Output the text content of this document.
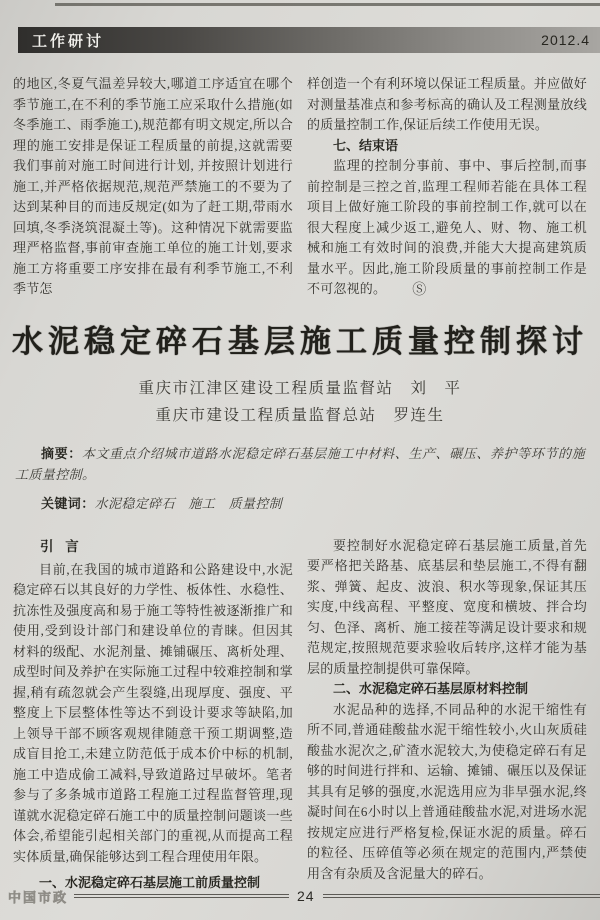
工作研讨	2012.4

的地区,冬夏气温差异较大,哪道工序适宜在哪个季节施工,在不利的季节施工应采取什么措施(如冬季施工、雨季施工),规范都有明文规定,所以合理的施工安排是保证工程质量的前提,这就需要我们事前对施工时间进行计划, 并按照计划进行施工,并严格依据规范,规范严禁施工的不要为了达到某种目的而违反规定(如为了赶工期,带雨水回填,冬季浇筑混凝土等)。这种情况下就需要监理严格监督,事前审查施工单位的施工计划,要求施工方将重要工序安排在最有利季节施工,不利季节怎

样创造一个有利环境以保证工程质量。并应做好对测量基准点和参考标高的确认及工程测量放线的质量控制工作,保证后续工作使用无误。

七、结束语

监理的控制分事前、事中、事后控制,而事前控制是三控之首,监理工程师若能在具体工程项目上做好施工阶段的事前控制工作,就可以在很大程度上减少返工,避免人、财、物、施工机械和施工有效时间的浪费,并能大大提高建筑质量水平。因此,施工阶段质量的事前控制工作是不可忽视的。 Ⓢ

水泥稳定碎石基层施工质量控制探讨
重庆市江津区建设工程质量监督站　刘　平
重庆市建设工程质量监督总站　罗连生

摘要：本文重点介绍城市道路水泥稳定碎石基层施工中材料、生产、碾压、养护等环节的施工质量控制。

关键词：水泥稳定碎石　施工　质量控制

引 言

目前,在我国的城市道路和公路建设中,水泥稳定碎石以其良好的力学性、板体性、水稳性、抗冻性及强度高和易于施工等特性被逐渐推广和使用,受到设计部门和建设单位的青睐。但因其材料的级配、水泥剂量、摊铺碾压、离析处理、成型时间及养护在实际施工过程中较难控制和掌握,稍有疏忽就会产生裂缝,出现厚度、强度、平整度上下层整体性等达不到设计要求等缺陷,加上领导干部不顾客观规律随意干预工期调整,造成盲目抢工,未建立防范低于成本价中标的机制, 施工中造成偷工减料,导致道路过早破坏。笔者参与了多条城市道路工程施工过程监督管理,现谨就水泥稳定碎石施工中的质量控制问题谈一些体会,希望能引起相关部门的重视,从而提高工程实体质量,确保能够达到工程合理使用年限。

一、水泥稳定碎石基层施工前质量控制

要控制好水泥稳定碎石基层施工质量,首先要严格把关路基、底基层和垫层施工,不得有翻浆、弹簧、起皮、波浪、积水等现象,保证其压实度,中线高程、平整度、宽度和横坡、拌合均匀、色泽、离析、施工接茬等满足设计要求和规范规定,按照规范要求验收后转序,这样才能为基层的质量控制提供可靠保障。

二、水泥稳定碎石基层原材料控制

水泥品种的选择,不同品种的水泥干缩性有所不同,普通硅酸盐水泥干缩性较小,火山灰质硅酸盐水泥次之,矿渣水泥较大,为使稳定碎石有足够的时间进行拌和、运输、摊铺、碾压以及保证其具有足够的强度,水泥选用应为非早强水泥,终凝时间在6小时以上普通硅酸盐水泥,对进场水泥按规定应进行严格复检,保证水泥的质量。碎石的粒径、压碎值等必须在规定的范围内,严禁使用含有杂质及含泥量大的碎石。

中国市政	24
